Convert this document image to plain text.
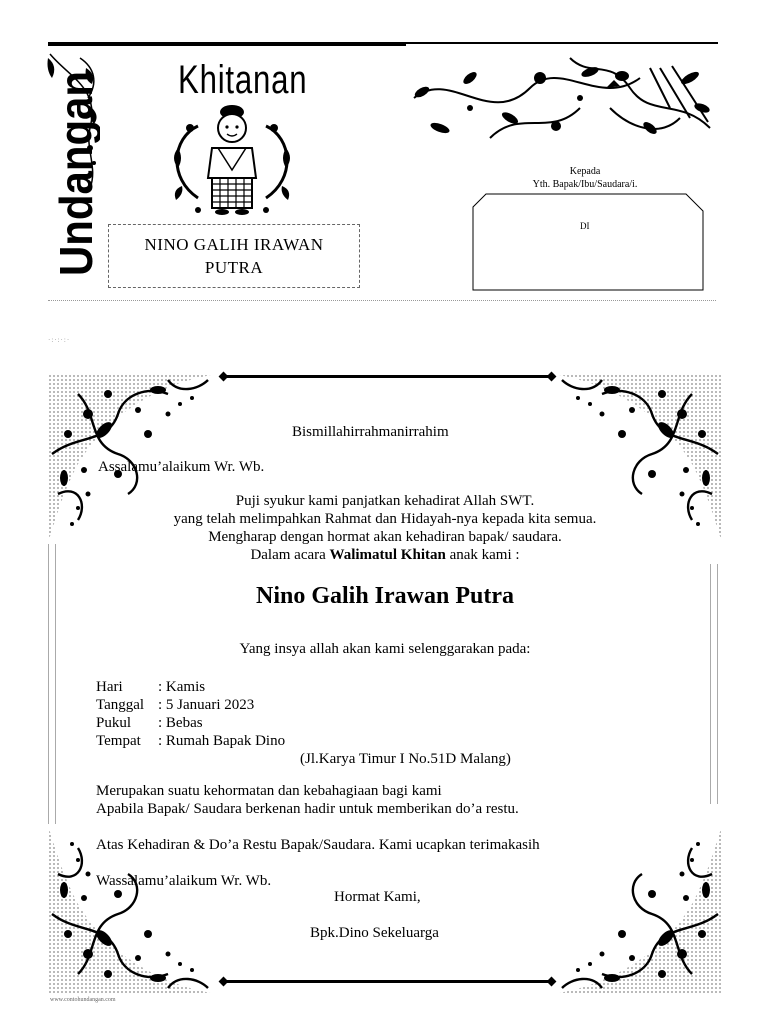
Undangan Khitanan
NINO GALIH IRAWAN
PUTRA
Kepada
Yth. Bapak/Ibu/Saudara/i.
DI
·:·:·:·
Bismillahirrahmanirrahim
Assalamu’alaikum Wr. Wb.
Puji syukur kami panjatkan kehadirat Allah SWT.
yang telah melimpahkan Rahmat dan Hidayah-nya kepada kita semua.
Mengharap dengan hormat akan kehadiran bapak/ saudara.
Dalam acara Walimatul Khitan anak kami :
Nino Galih Irawan Putra
Yang insya allah akan kami selenggarakan pada:
Hari : Kamis
Tanggal : 5 Januari 2023
Pukul : Bebas
Tempat : Rumah Bapak Dino
(Jl.Karya Timur I No.51D Malang)
Merupakan suatu kehormatan dan kebahagiaan bagi kami
Apabila Bapak/ Saudara berkenan hadir untuk memberikan do’a restu.
Atas Kehadiran & Do’a Restu Bapak/Saudara. Kami ucapkan terimakasih
Wassalamu’alaikum Wr. Wb.
Hormat Kami,
Bpk.Dino Sekeluarga
www.contohundangan.com
